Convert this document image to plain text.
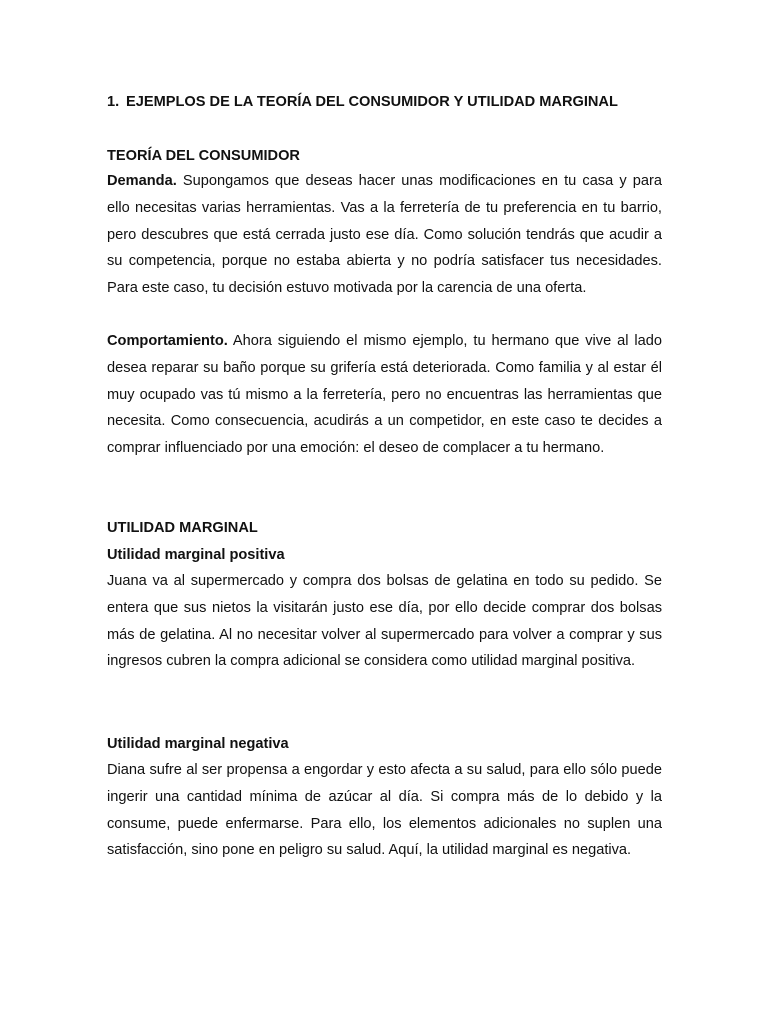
1. EJEMPLOS DE LA TEORÍA DEL CONSUMIDOR Y UTILIDAD MARGINAL
TEORÍA DEL CONSUMIDOR

Demanda. Supongamos que deseas hacer unas modificaciones en tu casa y para ello necesitas varias herramientas. Vas a la ferretería de tu preferencia en tu barrio, pero descubres que está cerrada justo ese día. Como solución tendrás que acudir a su competencia, porque no estaba abierta y no podría satisfacer tus necesidades. Para este caso, tu decisión estuvo motivada por la carencia de una oferta.

Comportamiento. Ahora siguiendo el mismo ejemplo, tu hermano que vive al lado desea reparar su baño porque su grifería está deteriorada. Como familia y al estar él muy ocupado vas tú mismo a la ferretería, pero no encuentras las herramientas que necesita. Como consecuencia, acudirás a un competidor, en este caso te decides a comprar influenciado por una emoción: el deseo de complacer a tu hermano.

UTILIDAD MARGINAL
Utilidad marginal positiva

Juana va al supermercado y compra dos bolsas de gelatina en todo su pedido. Se entera que sus nietos la visitarán justo ese día, por ello decide comprar dos bolsas más de gelatina. Al no necesitar volver al supermercado para volver a comprar y sus ingresos cubren la compra adicional se considera como utilidad marginal positiva.

Utilidad marginal negativa

Diana sufre al ser propensa a engordar y esto afecta a su salud, para ello sólo puede ingerir una cantidad mínima de azúcar al día. Si compra más de lo debido y la consume, puede enfermarse. Para ello, los elementos adicionales no suplen una satisfacción, sino pone en peligro su salud. Aquí, la utilidad marginal es negativa.
